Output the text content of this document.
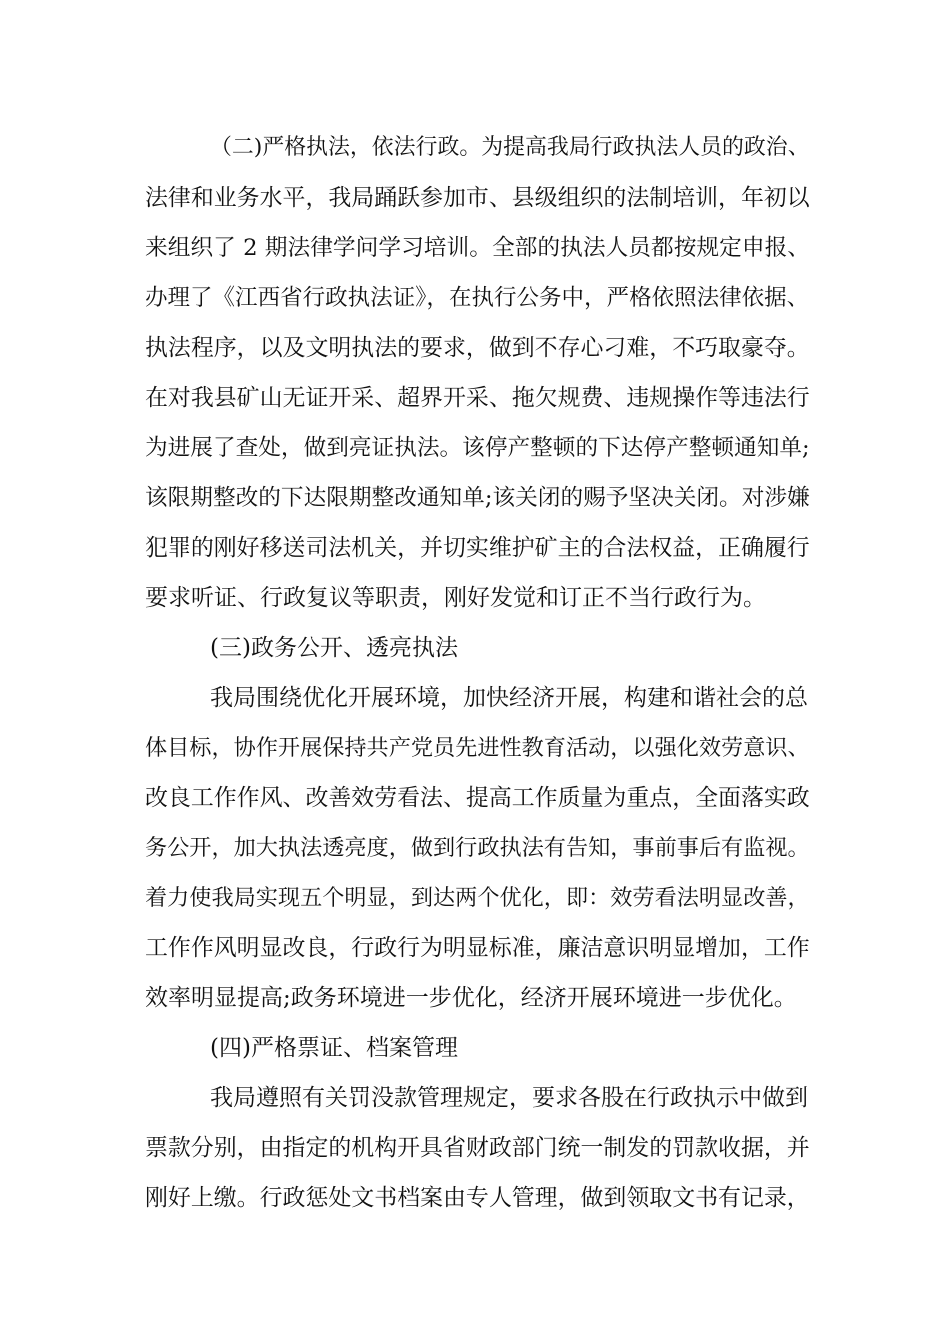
（二)严格执法，依法行政。为提高我局行政执法人员的政治、
法律和业务水平，我局踊跃参加市、县级组织的法制培训，年初以
来组织了 2 期法律学问学习培训。全部的执法人员都按规定申报、
办理了《江西省行政执法证》，在执行公务中，严格依照法律依据、
执法程序，以及文明执法的要求，做到不存心刁难，不巧取豪夺。
在对我县矿山无证开采、超界开采、拖欠规费、违规操作等违法行
为进展了查处，做到亮证执法。该停产整顿的下达停产整顿通知单;
该限期整改的下达限期整改通知单;该关闭的赐予坚决关闭。对涉嫌
犯罪的刚好移送司法机关，并切实维护矿主的合法权益，正确履行
要求听证、行政复议等职责，刚好发觉和订正不当行政行为。
(三)政务公开、透亮执法
我局围绕优化开展环境，加快经济开展，构建和谐社会的总
体目标，协作开展保持共产党员先进性教育活动，以强化效劳意识、
改良工作作风、改善效劳看法、提高工作质量为重点，全面落实政
务公开，加大执法透亮度，做到行政执法有告知，事前事后有监视。
着力使我局实现五个明显，到达两个优化，即：效劳看法明显改善，
工作作风明显改良，行政行为明显标准，廉洁意识明显增加，工作
效率明显提高;政务环境进一步优化，经济开展环境进一步优化。
(四)严格票证、档案管理
我局遵照有关罚没款管理规定，要求各股在行政执示中做到
票款分别，由指定的机构开具省财政部门统一制发的罚款收据，并
刚好上缴。行政惩处文书档案由专人管理，做到领取文书有记录，
